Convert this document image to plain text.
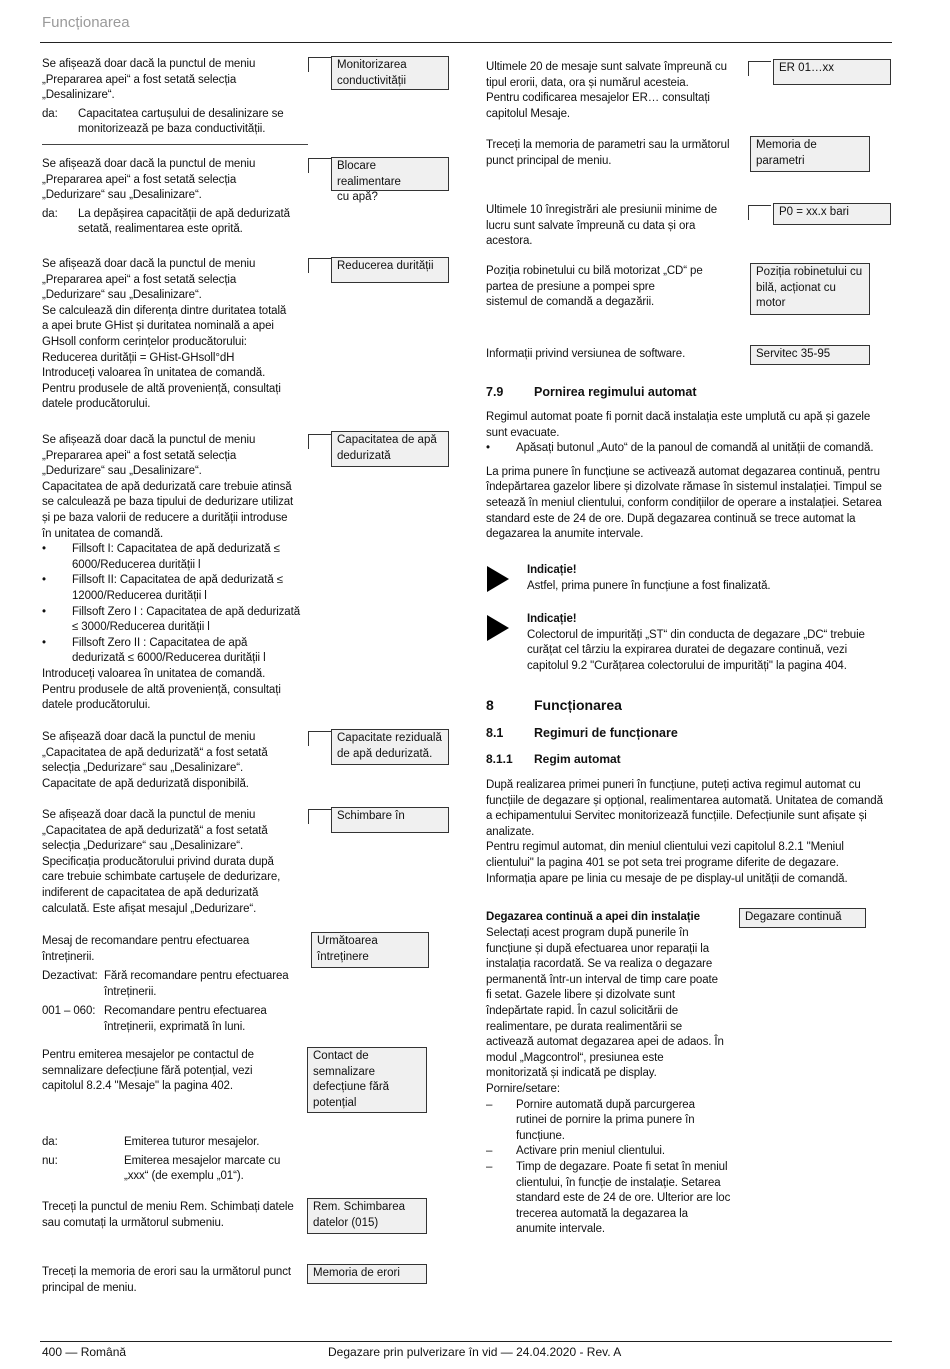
Funcționarea
400 — Română	Degazare prin pulverizare în vid — 24.04.2020 - Rev. A
Se afișează doar dacă la punctul de meniu
„Prepararea apei“ a fost setată selecția
„Desalinizare“.
da:	Capacitatea cartușului de desalinizare se
monitorizează pe baza conductivității.
Monitorizarea
conductivității
Se afișează doar dacă la punctul de meniu
„Prepararea apei“ a fost setată selecția
„Dedurizare“ sau „Desalinizare“.
da:	La depășirea capacității de apă dedurizată
setată, realimentarea este oprită.
Blocare realimentare
cu apă?
Se afișează doar dacă la punctul de meniu
„Prepararea apei“ a fost setată selecția
„Dedurizare“ sau „Desalinizare“.
Se calculează din diferența dintre duritatea totală
a apei brute GHist și duritatea nominală a apei
GHsoll conform cerințelor producătorului:
Reducerea durității = GHist-GHsoll°dH
Introduceți valoarea în unitatea de comandă.
Pentru produsele de altă proveniență, consultați
datele producătorului.
Reducerea durității
Se afișează doar dacă la punctul de meniu
„Prepararea apei“ a fost setată selecția
„Dedurizare“ sau „Desalinizare“.
Capacitatea de apă dedurizată care trebuie atinsă
se calculează pe baza tipului de dedurizare utilizat
și pe baza valorii de reducere a durității introduse
în unitatea de comandă.
• Fillsoft I: Capacitatea de apă dedurizată ≤
6000/Reducerea durității l
• Fillsoft II: Capacitatea de apă dedurizată ≤
12000/Reducerea durității l
• Fillsoft Zero I : Capacitatea de apă dedurizată
≤ 3000/Reducerea durității l
• Fillsoft Zero II : Capacitatea de apă
dedurizată ≤ 6000/Reducerea durității l
Introduceți valoarea în unitatea de comandă.
Pentru produsele de altă proveniență, consultați
datele producătorului.
Capacitatea de apă
dedurizată
Se afișează doar dacă la punctul de meniu
„Capacitatea de apă dedurizată“ a fost setată
selecția „Dedurizare“ sau „Desalinizare“.
Capacitate de apă dedurizată disponibilă.
Capacitate reziduală
de apă dedurizată.
Se afișează doar dacă la punctul de meniu
„Capacitatea de apă dedurizată“ a fost setată
selecția „Dedurizare“ sau „Desalinizare“.
Specificația producătorului privind durata după
care trebuie schimbate cartușele de dedurizare,
indiferent de capacitatea de apă dedurizată
calculată. Este afișat mesajul „Dedurizare“.
Schimbare în
Mesaj de recomandare pentru efectuarea
întreținerii.
Dezactivat: Fără recomandare pentru efectuarea
întreținerii.
001 – 060: Recomandare pentru efectuarea
întreținerii, exprimată în luni.
Următoarea
întreținere
Pentru emiterea mesajelor pe contactul de
semnalizare defecțiune fără potențial, vezi
capitolul 8.2.4 "Mesaje" la pagina 402.
Contact de
semnalizare
defecțiune fără
potențial
da:	Emiterea tuturor mesajelor.
nu:	Emiterea mesajelor marcate cu
„xxx“ (de exemplu „01“).
Treceți la punctul de meniu Rem. Schimbați datele
sau comutați la următorul submeniu.
Rem. Schimbarea
datelor (015)
Treceți la memoria de erori sau la următorul punct
principal de meniu.
Memoria de erori
Ultimele 20 de mesaje sunt salvate împreună cu
tipul erorii, data, ora și numărul acesteia.
Pentru codificarea mesajelor ER… consultați
capitolul Mesaje.
ER 01…xx
Treceți la memoria de parametri sau la următorul
punct principal de meniu.
Memoria de
parametri
Ultimele 10 înregistrări ale presiunii minime de
lucru sunt salvate împreună cu data și ora
acestora.
P0 = xx.x bari
Poziția robinetului cu bilă motorizat „CD“ pe
partea de presiune a pompei spre
sistemul de comandă a degazării.
Poziția robinetului cu
bilă, acționat cu
motor
Informații privind versiunea de software.	Servitec 35-95
7.9 Pornirea regimului automat
Regimul automat poate fi pornit dacă instalația este umplută cu apă și gazele
sunt evacuate.
• Apăsați butonul „Auto“ de la panoul de comandă al unității de comandă.
La prima punere în funcțiune se activează automat degazarea continuă, pentru
îndepărtarea gazelor libere și dizolvate rămase în sistemul instalației. Timpul se
setează în meniul clientului, conform condițiilor de operare a instalației. Setarea
standard este de 24 de ore. După degazarea continuă se trece automat la
degazarea la anumite intervale.
Indicație!
Astfel, prima punere în funcțiune a fost finalizată.
Indicație!
Colectorul de impurități „ST“ din conducta de degazare „DC“ trebuie
curățat cel târziu la expirarea duratei de degazare continuă, vezi
capitolul 9.2 "Curățarea colectorului de impurități" la pagina 404.
8	Funcționarea
8.1 Regimuri de funcționare
8.1.1 Regim automat
După realizarea primei puneri în funcțiune, puteți activa regimul automat cu
funcțiile de degazare și opțional, realimentarea automată. Unitatea de comandă
a echipamentului Servitec monitorizează funcțiile. Defecțiunile sunt afișate și
analizate.
Pentru regimul automat, din meniul clientului vezi capitolul 8.2.1 "Meniul
clientului" la pagina 401 se pot seta trei programe diferite de degazare.
Informația apare pe linia cu mesaje de pe display-ul unității de comandă.
Degazarea continuă a apei din instalație	Degazare continuă
Selectați acest program după punerile în
funcțiune și după efectuarea unor reparații la
instalația racordată. Se va realiza o degazare
permanentă într-un interval de timp care poate
fi setat. Gazele libere și dizolvate sunt
îndepărtate rapid. În cazul solicitării de
realimentare, pe durata realimentării se
activează automat degazarea apei de adaos. În
modul „Magcontrol“, presiunea este
monitorizată și indicată pe display.
Pornire/setare:
– Pornire automată după parcurgerea
rutinei de pornire la prima punere în
funcțiune.
– Activare prin meniul clientului.
– Timp de degazare. Poate fi setat în meniul
clientului, în funcție de instalație. Setarea
standard este de 24 de ore. Ulterior are loc
trecerea automată la degazarea la
anumite intervale.
